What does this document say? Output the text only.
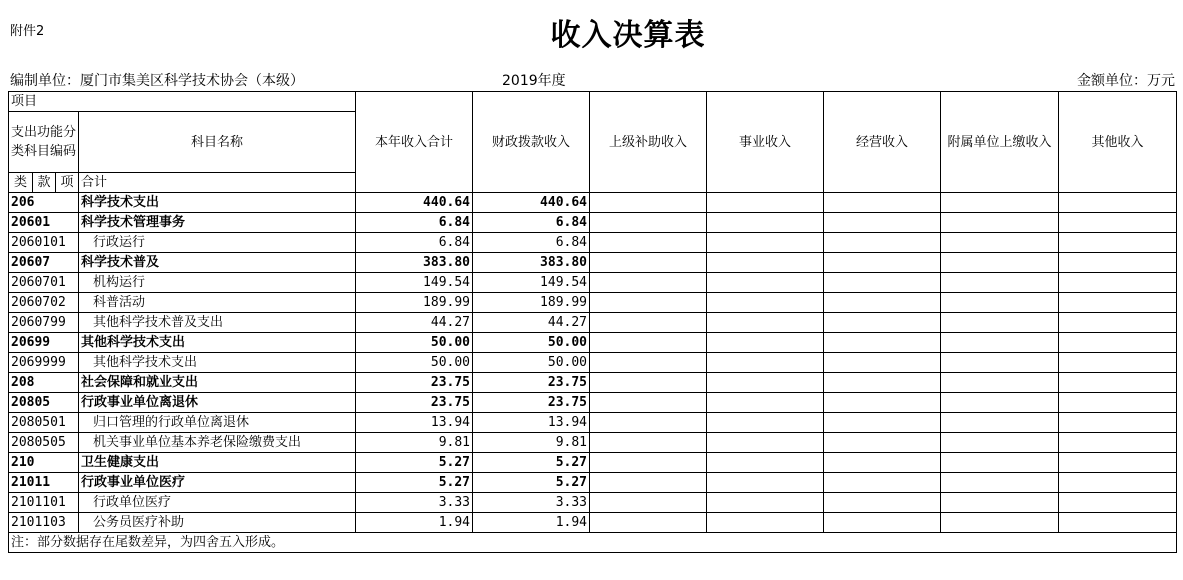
附件2	收入决算表
编制单位：厦门市集美区科学技术协会（本级）	2019年度	金额单位：万元
项目				本年收入合计	财政拨款收入	上级补助收入	事业收入	经营收入	附属单位上缴收入	其他收入	
支出功能分类科目编码			科目名称								
类	款	项	合计							
206			科学技术支出	440.64	440.64						
20601			科学技术管理事务	6.84	6.84						
2060101			行政运行	6.84	6.84						
20607			科学技术普及	383.80	383.80						
2060701			机构运行	149.54	149.54						
2060702			科普活动	189.99	189.99						
2060799			其他科学技术普及支出	44.27	44.27						
20699			其他科学技术支出	50.00	50.00						
2069999			其他科学技术支出	50.00	50.00						
208			社会保障和就业支出	23.75	23.75						
20805			行政事业单位离退休	23.75	23.75						
2080501			归口管理的行政单位离退休	13.94	13.94						
2080505			机关事业单位基本养老保险缴费支出	9.81	9.81						
210			卫生健康支出	5.27	5.27						
21011			行政事业单位医疗	5.27	5.27						
2101101			行政单位医疗	3.33	3.33						
2101103			公务员医疗补助	1.94	1.94						
注：部分数据存在尾数差异，为四舍五入形成。											
